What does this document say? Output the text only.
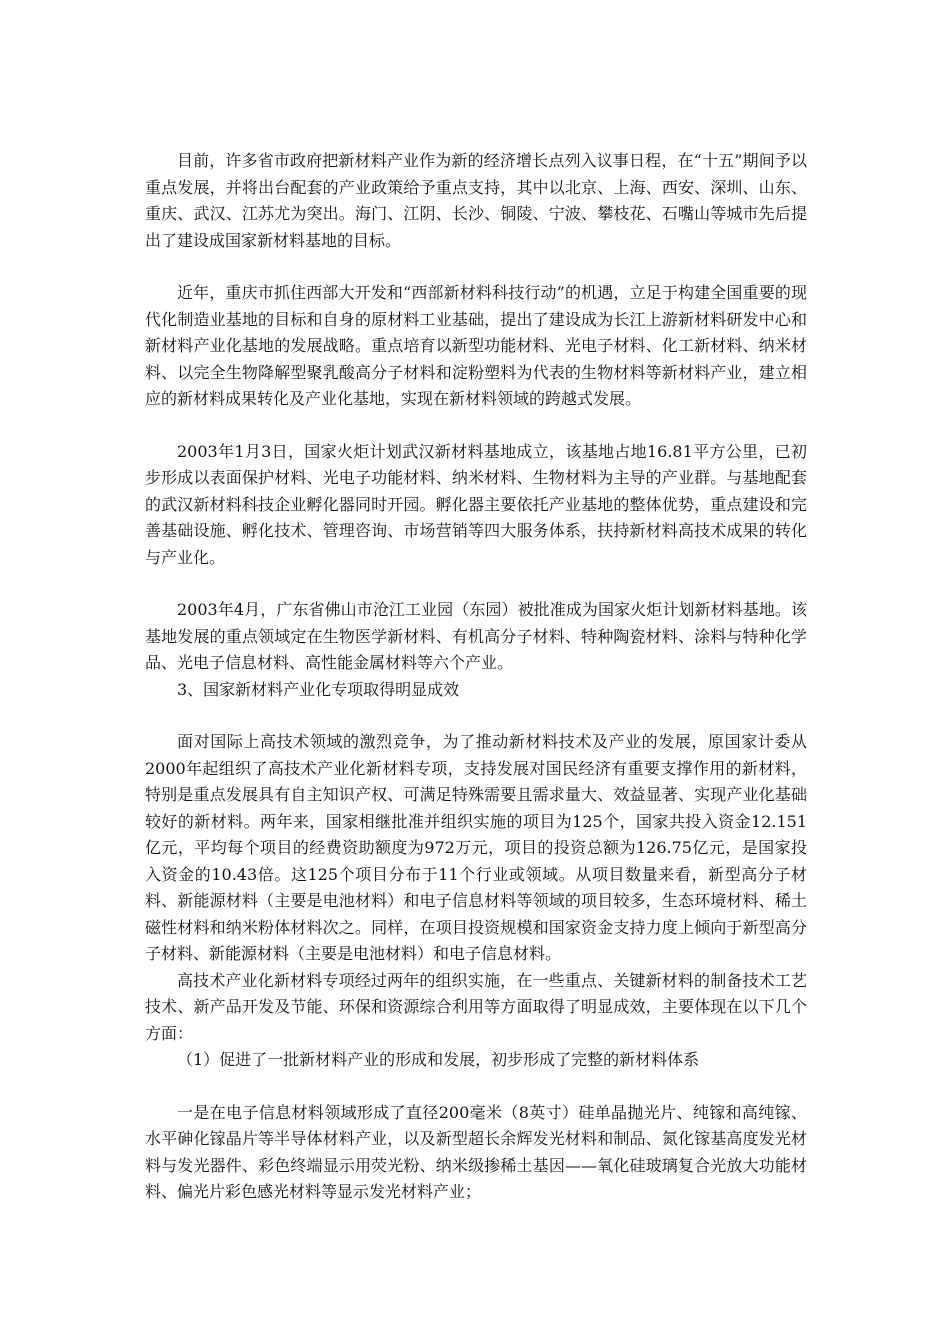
目前，许多省市政府把新材料产业作为新的经济增长点列入议事日程，在“十五”期间予以重点发展，并将出台配套的产业政策给予重点支持，其中以北京、上海、西安、深圳、山东、重庆、武汉、江苏尤为突出。海门、江阴、长沙、铜陵、宁波、攀枝花、石嘴山等城市先后提出了建设成国家新材料基地的目标。

近年，重庆市抓住西部大开发和“西部新材料科技行动”的机遇，立足于构建全国重要的现代化制造业基地的目标和自身的原材料工业基础，提出了建设成为长江上游新材料研发中心和新材料产业化基地的发展战略。重点培育以新型功能材料、光电子材料、化工新材料、纳米材料、以完全生物降解型聚乳酸高分子材料和淀粉塑料为代表的生物材料等新材料产业，建立相应的新材料成果转化及产业化基地，实现在新材料领域的跨越式发展。

2003年1月3日，国家火炬计划武汉新材料基地成立，该基地占地16.81平方公里，已初步形成以表面保护材料、光电子功能材料、纳米材料、生物材料为主导的产业群。与基地配套的武汉新材料科技企业孵化器同时开园。孵化器主要依托产业基地的整体优势，重点建设和完善基础设施、孵化技术、管理咨询、市场营销等四大服务体系，扶持新材料高技术成果的转化与产业化。

2003年4月，广东省佛山市沧江工业园（东园）被批准成为国家火炬计划新材料基地。该基地发展的重点领域定在生物医学新材料、有机高分子材料、特种陶瓷材料、涂料与特种化学品、光电子信息材料、高性能金属材料等六个产业。

3、国家新材料产业化专项取得明显成效

面对国际上高技术领域的激烈竞争，为了推动新材料技术及产业的发展，原国家计委从2000年起组织了高技术产业化新材料专项，支持发展对国民经济有重要支撑作用的新材料，特别是重点发展具有自主知识产权、可满足特殊需要且需求量大、效益显著、实现产业化基础较好的新材料。两年来，国家相继批准并组织实施的项目为125个，国家共投入资金12.151亿元，平均每个项目的经费资助额度为972万元，项目的投资总额为126.75亿元，是国家投入资金的10.43倍。这125个项目分布于11个行业或领域。从项目数量来看，新型高分子材料、新能源材料（主要是电池材料）和电子信息材料等领域的项目较多，生态环境材料、稀土磁性材料和纳米粉体材料次之。同样，在项目投资规模和国家资金支持力度上倾向于新型高分子材料、新能源材料（主要是电池材料）和电子信息材料。

高技术产业化新材料专项经过两年的组织实施，在一些重点、关键新材料的制备技术工艺技术、新产品开发及节能、环保和资源综合利用等方面取得了明显成效，主要体现在以下几个方面：

（1）促进了一批新材料产业的形成和发展，初步形成了完整的新材料体系

一是在电子信息材料领域形成了直径200毫米（8英寸）硅单晶抛光片、纯镓和高纯镓、水平砷化镓晶片等半导体材料产业，以及新型超长余辉发光材料和制品、氮化镓基高度发光材料与发光器件、彩色终端显示用荧光粉、纳米级掺稀土基因——氧化硅玻璃复合光放大功能材料、偏光片彩色感光材料等显示发光材料产业；
